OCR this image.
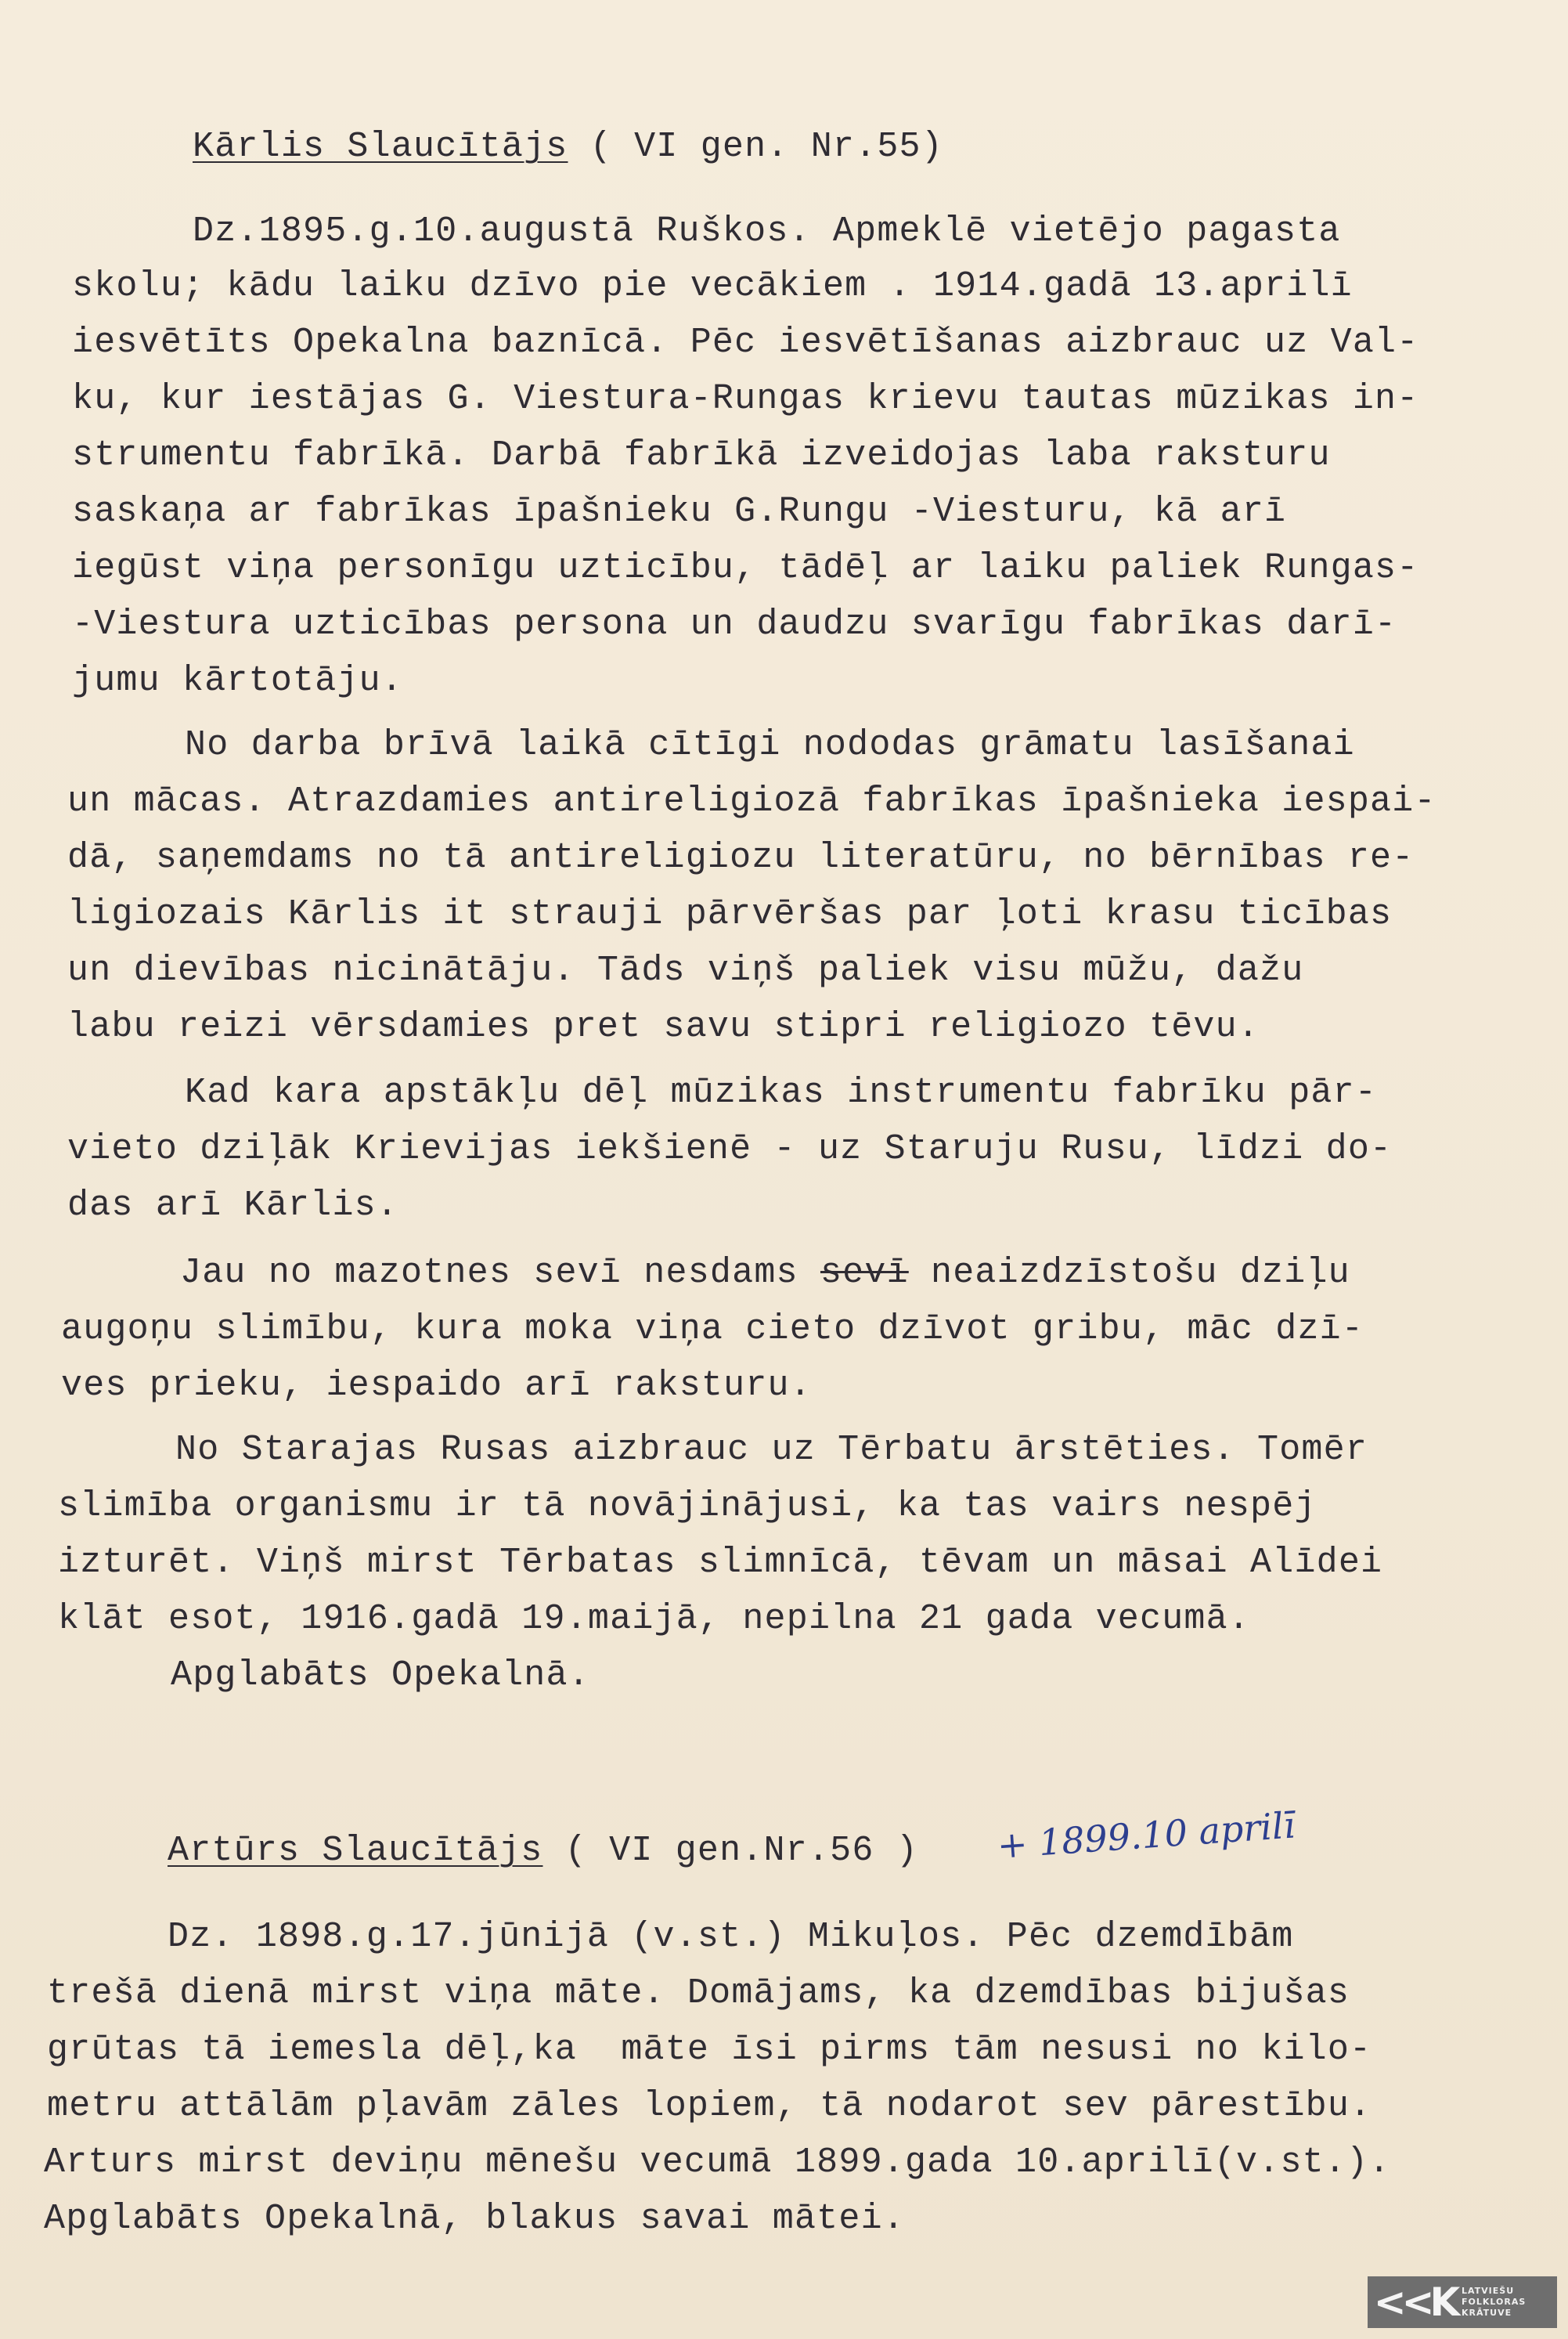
Kārlis Slaucītājs ( VI gen. Nr.55)
Dz.1895.g.10.augustā Ruškos. Apmeklē vietējo pagasta
skolu; kādu laiku dzīvo pie vecākiem . 1914.gadā 13.aprilī
iesvētīts Opekalna baznīcā. Pēc iesvētīšanas aizbrauc uz Val-
ku, kur iestājas G. Viestura-Rungas krievu tautas mūzikas in-
strumentu fabrīkā. Darbā fabrīkā izveidojas laba raksturu
saskaņa ar fabrīkas īpašnieku G.Rungu -Viesturu, kā arī
iegūst viņa personīgu uzticību, tādēļ ar laiku paliek Rungas-
-Viestura uzticības persona un daudzu svarīgu fabrīkas darī-
jumu kārtotāju.
No darba brīvā laikā cītīgi nododas grāmatu lasīšanai
un mācas. Atrazdamies antireligiozā fabrīkas īpašnieka iespai-
dā, saņemdams no tā antireligiozu literatūru, no bērnības re-
ligiozais Kārlis it strauji pārvēršas par ļoti krasu ticības
un dievības nicinātāju. Tāds viņš paliek visu mūžu, dažu
labu reizi vērsdamies pret savu stipri religiozo tēvu.
Kad kara apstākļu dēļ mūzikas instrumentu fabrīku pār-
vieto dziļāk Krievijas iekšienē - uz Staruju Rusu, līdzi do-
das arī Kārlis.
Jau no mazotnes sevī nesdams sevī neaizdzīstošu dziļu
augoņu slimību, kura moka viņa cieto dzīvot gribu, māc dzī-
ves prieku, iespaido arī raksturu.
No Starajas Rusas aizbrauc uz Tērbatu ārstēties. Tomēr
slimība organismu ir tā novājinājusi, ka tas vairs nespēj
izturēt. Viņš mirst Tērbatas slimnīcā, tēvam un māsai Alīdei
klāt esot, 1916.gadā 19.maijā, nepilna 21 gada vecumā.
Apglabāts Opekalnā.
Artūrs Slaucītājs ( VI gen.Nr.56 ) + 1899.10 aprilī
Dz. 1898.g.17.jūnijā (v.st.) Mikuļos. Pēc dzemdībām
trešā dienā mirst viņa māte. Domājams, ka dzemdības bijušas
grūtas tā iemesla dēļ,ka  māte īsi pirms tām nesusi no kilo-
metru attālām pļavām zāles lopiem, tā nodarot sev pārestību.
Arturs mirst deviņu mēnešu vecumā 1899.gada 10.aprilī(v.st.).
Apglabāts Opekalnā, blakus savai mātei.
<<K LATVIEŠU
FOLKLORAS
KRĀTUVE
